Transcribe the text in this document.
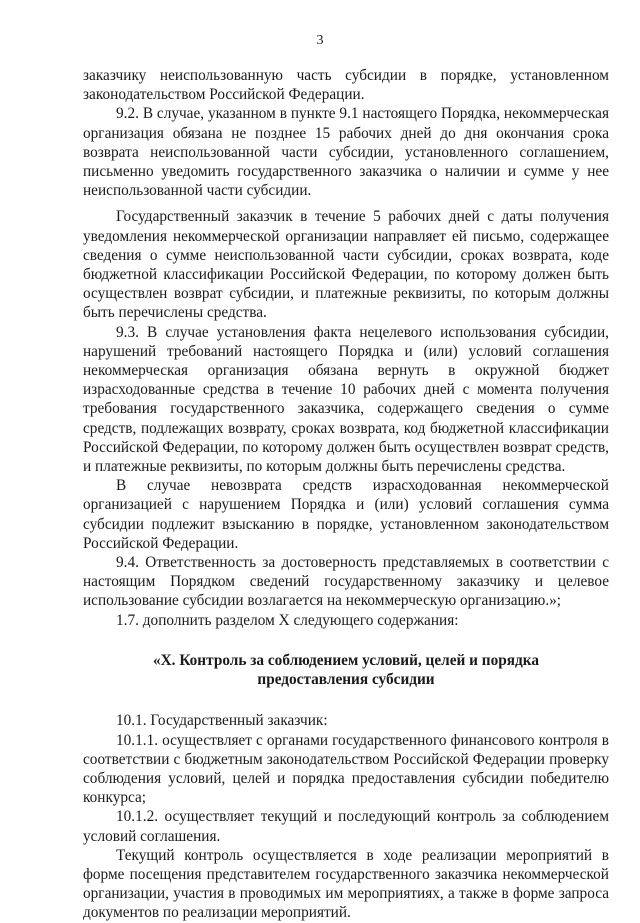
3

заказчику неиспользованную часть субсидии в порядке, установленном законодательством Российской Федерации.

9.2. В случае, указанном в пункте 9.1 настоящего Порядка, некоммерческая организация обязана не позднее 15 рабочих дней до дня окончания срока возврата неиспользованной части субсидии, установленного соглашением, письменно уведомить государственного заказчика о наличии и сумме у нее неиспользованной части субсидии.

Государственный заказчик в течение 5 рабочих дней с даты получения уведомления некоммерческой организации направляет ей письмо, содержащее сведения о сумме неиспользованной части субсидии, сроках возврата, коде бюджетной классификации Российской Федерации, по которому должен быть осуществлен возврат субсидии, и платежные реквизиты, по которым должны быть перечислены средства.

9.3. В случае установления факта нецелевого использования субсидии, нарушений требований настоящего Порядка и (или) условий соглашения некоммерческая организация обязана вернуть в окружной бюджет израсходованные средства в течение 10 рабочих дней с момента получения требования государственного заказчика, содержащего сведения о сумме средств, подлежащих возврату, сроках возврата, код бюджетной классификации Российской Федерации, по которому должен быть осуществлен возврат средств, и платежные реквизиты, по которым должны быть перечислены средства.

В случае невозврата средств израсходованная некоммерческой организацией с нарушением Порядка и (или) условий соглашения сумма субсидии подлежит взысканию в порядке, установленном законодательством Российской Федерации.

9.4. Ответственность за достоверность представляемых в соответствии с настоящим Порядком сведений государственному заказчику и целевое использование субсидии возлагается на некоммерческую организацию.»;

1.7. дополнить разделом X следующего содержания:

«X. Контроль за соблюдением условий, целей и порядка
предоставления субсидии

10.1. Государственный заказчик:

10.1.1. осуществляет с органами государственного финансового контроля в соответствии с бюджетным законодательством Российской Федерации проверку соблюдения условий, целей и порядка предоставления субсидии победителю конкурса;

10.1.2. осуществляет текущий и последующий контроль за соблюдением условий соглашения.

Текущий контроль осуществляется в ходе реализации мероприятий в форме посещения представителем государственного заказчика некоммерческой организации, участия в проводимых им мероприятиях, а также в форме запроса документов по реализации мероприятий.
